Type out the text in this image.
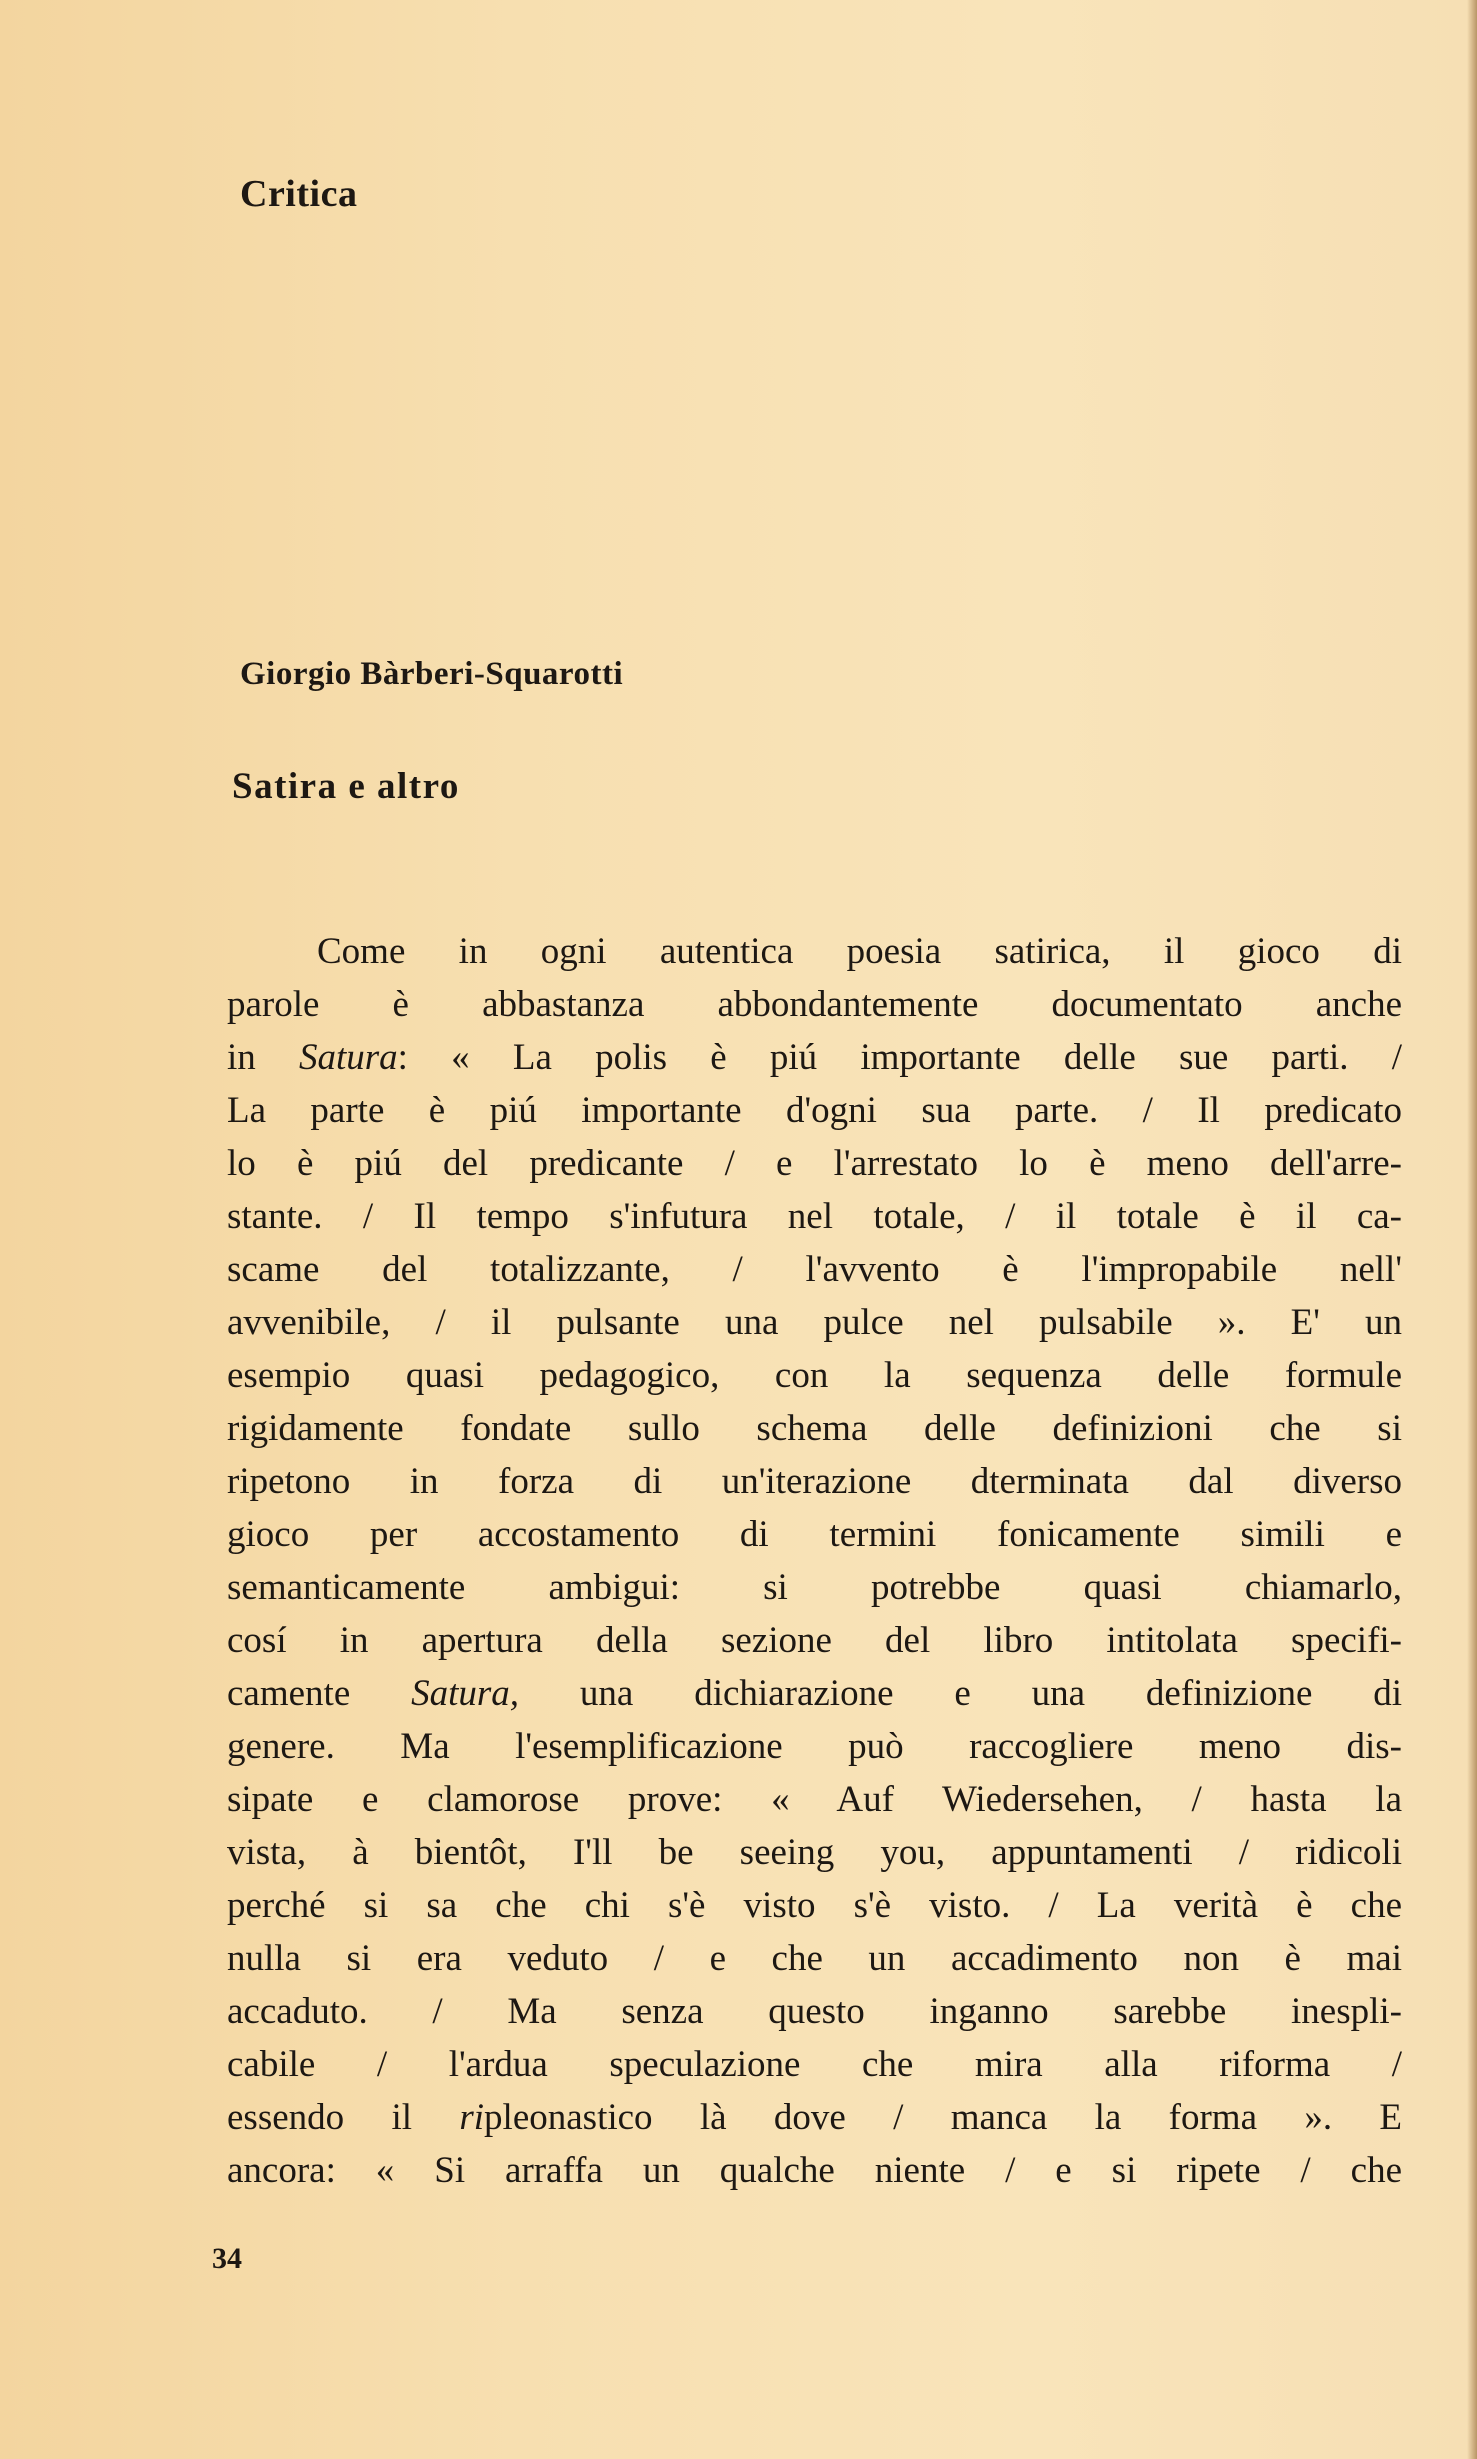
Critica
Giorgio Bàrberi-Squarotti
Satira e altro
Come in ogni autentica poesia satirica, il gioco di
parole è abbastanza abbondantemente documentato anche
in Satura: « La polis è piú importante delle sue parti. /
La parte è piú importante d'ogni sua parte. / Il predicato
lo è piú del predicante / e l'arrestato lo è meno dell'arre-
stante. / Il tempo s'infutura nel totale, / il totale è il ca-
scame del totalizzante, / l'avvento è l'impropabile nell'
avvenibile, / il pulsante una pulce nel pulsabile ». E' un
esempio quasi pedagogico, con la sequenza delle formule
rigidamente fondate sullo schema delle definizioni che si
ripetono in forza di un'iterazione dterminata dal diverso
gioco per accostamento di termini fonicamente simili e
semanticamente ambigui: si potrebbe quasi chiamarlo,
cosí in apertura della sezione del libro intitolata specifi-
camente Satura, una dichiarazione e una definizione di
genere. Ma l'esemplificazione può raccogliere meno dis-
sipate e clamorose prove: « Auf Wiedersehen, / hasta la
vista, à bientôt, I'll be seeing you, appuntamenti / ridicoli
perché si sa che chi s'è visto s'è visto. / La verità è che
nulla si era veduto / e che un accadimento non è mai
accaduto. / Ma senza questo inganno sarebbe inespli-
cabile / l'ardua speculazione che mira alla riforma /
essendo il ripleonastico là dove / manca la forma ». E
ancora: « Si arraffa un qualche niente / e si ripete / che
34
